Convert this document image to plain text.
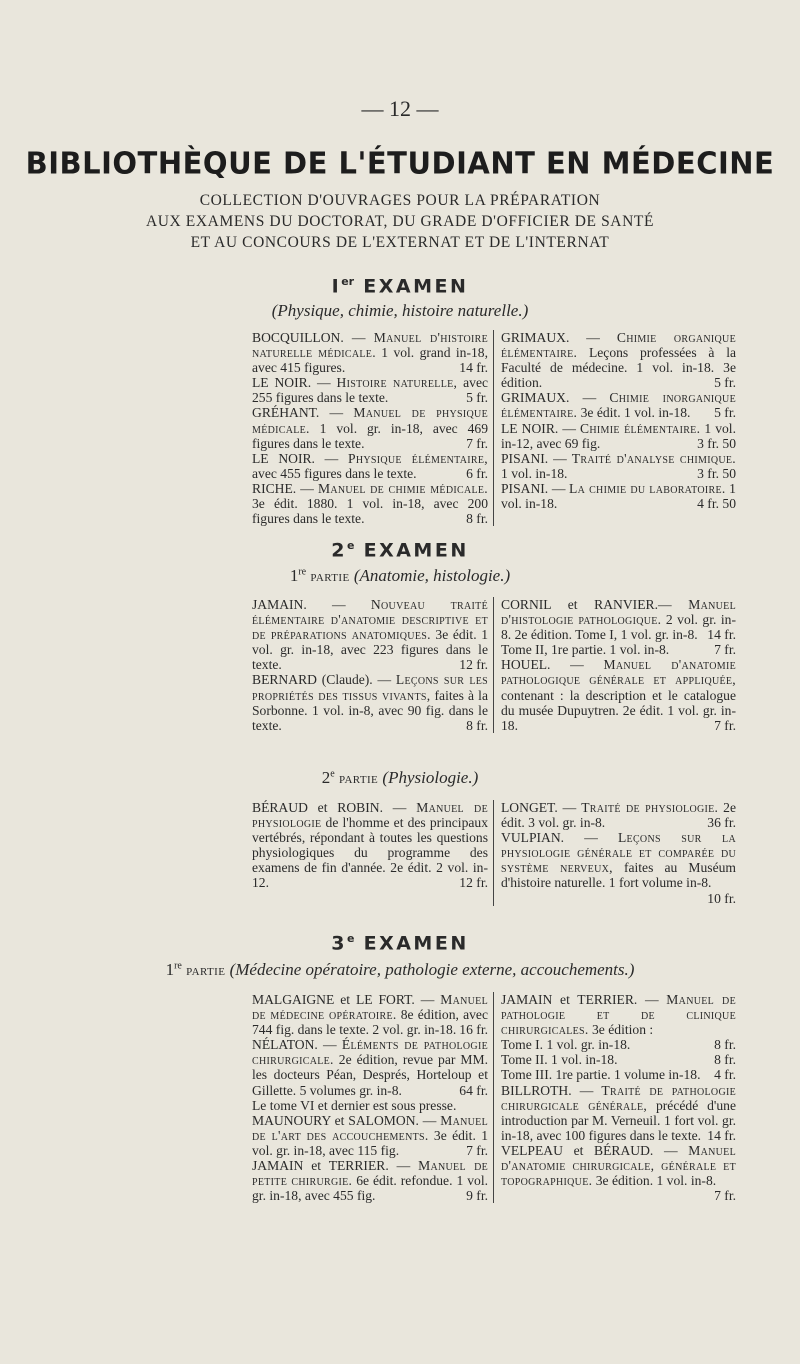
— 12 —
BIBLIOTHÈQUE DE L'ÉTUDIANT EN MÉDECINE
COLLECTION D'OUVRAGES POUR LA PRÉPARATION
AUX EXAMENS DU DOCTORAT, DU GRADE D'OFFICIER DE SANTÉ
ET AU CONCOURS DE L'EXTERNAT ET DE L'INTERNAT
Ier EXAMEN
(Physique, chimie, histoire naturelle.)

BOCQUILLON. — Manuel d'histoire naturelle médicale. 1 vol. grand in-18, avec 415 figures.	14 fr.

LE NOIR. — Histoire naturelle, avec 255 figures dans le texte.	5 fr.

GRÉHANT. — Manuel de physique médicale. 1 vol. gr. in-18, avec 469 figures dans le texte.	7 fr.

LE NOIR. — Physique élémentaire, avec 455 figures dans le texte.	6 fr.

RICHE. — Manuel de chimie médicale. 3e édit. 1880. 1 vol. in-18, avec 200 figures dans le texte.	8 fr.

GRIMAUX. — Chimie organique élémentaire. Leçons professées à la Faculté de médecine. 1 vol. in-18. 3e édition.	5 fr.

GRIMAUX. — Chimie inorganique élémentaire. 3e édit. 1 vol. in-18. 5 fr.

LE NOIR. — Chimie élémentaire. 1 vol. in-12, avec 69 fig.	3 fr. 50

PISANI. — Traité d'analyse chimique. 1 vol. in-18.	3 fr. 50

PISANI. — La chimie du laboratoire. 1 vol. in-18.	4 fr. 50

2e EXAMEN
1re partie (Anatomie, histologie.)

JAMAIN. — Nouveau traité élémentaire d'anatomie descriptive et de préparations anatomiques. 3e édit. 1 vol. gr. in-18, avec 223 figures dans le texte.	12 fr.

BERNARD (Claude). — Leçons sur les propriétés des tissus vivants, faites à la Sorbonne. 1 vol. in-8, avec 90 fig. dans le texte.	8 fr.

CORNIL et RANVIER.— Manuel d'histologie pathologique. 2 vol. gr. in-8. 2e édition. Tome I, 1 vol. gr. in-8. 14 fr.

Tome II, 1re partie. 1 vol. in-8.	7 fr.

HOUEL. — Manuel d'anatomie pathologique générale et appliquée, contenant : la description et le catalogue du musée Dupuytren. 2e édit. 1 vol. gr. in-18.	7 fr.

2e partie (Physiologie.)

BÉRAUD et ROBIN. — Manuel de physiologie de l'homme et des principaux vertébrés, répondant à toutes les questions physiologiques du programme des examens de fin d'année. 2e édit. 2 vol. in-12.	12 fr.

LONGET. — Traité de physiologie. 2e édit. 3 vol. gr. in-8.	36 fr.

VULPIAN. — Leçons sur la physiologie générale et comparée du système nerveux, faites au Muséum d'histoire naturelle. 1 fort volume in-8.
10 fr.

3e EXAMEN
1re partie (Médecine opératoire, pathologie externe, accouchements.)

MALGAIGNE et LE FORT. — Manuel de médecine opératoire. 8e édition, avec 744 fig. dans le texte. 2 vol. gr. in-18. 16 fr.

NÉLATON. — Éléments de pathologie chirurgicale. 2e édition, revue par MM. les docteurs Péan, Després, Horteloup et Gillette. 5 volumes gr. in-8.	64 fr.

Le tome VI et dernier est sous presse.

MAUNOURY et SALOMON. — Manuel de l'art des accouchements. 3e édit. 1 vol. gr. in-18, avec 115 fig.	7 fr.

JAMAIN et TERRIER. — Manuel de petite chirurgie. 6e édit. refondue. 1 vol. gr. in-18, avec 455 fig.	9 fr.

JAMAIN et TERRIER. — Manuel de pathologie et de clinique chirurgicales. 3e édition :

Tome I. 1 vol. gr. in-18.	8 fr.

Tome II. 1 vol. in-18.	8 fr.

Tome III. 1re partie. 1 volume in-18. 4 fr.

BILLROTH. — Traité de pathologie chirurgicale générale, précédé d'une introduction par M. Verneuil. 1 fort vol. gr. in-18, avec 100 figures dans le texte. 14 fr.

VELPEAU et BÉRAUD. — Manuel d'anatomie chirurgicale, générale et topographique. 3e édition. 1 vol. in-8.
7 fr.
